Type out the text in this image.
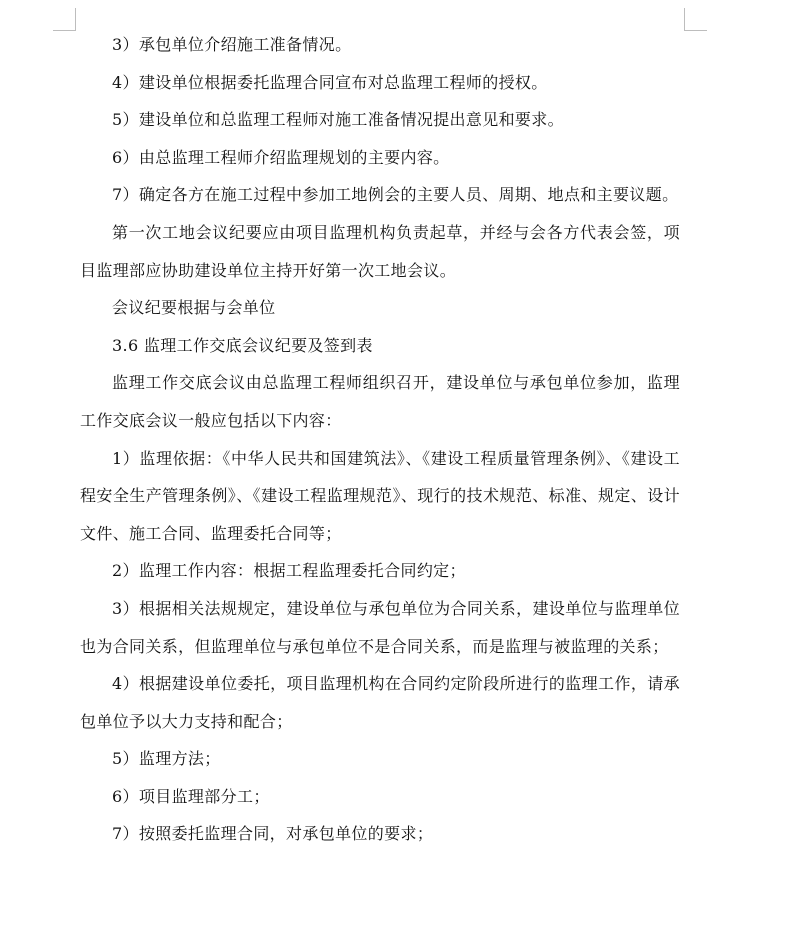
3）承包单位介绍施工准备情况。

4）建设单位根据委托监理合同宣布对总监理工程师的授权。

5）建设单位和总监理工程师对施工准备情况提出意见和要求。

6）由总监理工程师介绍监理规划的主要内容。

7）确定各方在施工过程中参加工地例会的主要人员、周期、地点和主要议题。

第一次工地会议纪要应由项目监理机构负责起草，并经与会各方代表会签，项目监理部应协助建设单位主持开好第一次工地会议。

会议纪要根据与会单位

3.6 监理工作交底会议纪要及签到表

监理工作交底会议由总监理工程师组织召开，建设单位与承包单位参加，监理工作交底会议一般应包括以下内容：

1）监理依据：《中华人民共和国建筑法》、《建设工程质量管理条例》、《建设工程安全生产管理条例》、《建设工程监理规范》、现行的技术规范、标准、规定、设计文件、施工合同、监理委托合同等；

2）监理工作内容：根据工程监理委托合同约定；

3）根据相关法规规定，建设单位与承包单位为合同关系，建设单位与监理单位也为合同关系，但监理单位与承包单位不是合同关系，而是监理与被监理的关系；

4）根据建设单位委托，项目监理机构在合同约定阶段所进行的监理工作，请承包单位予以大力支持和配合；

5）监理方法；

6）项目监理部分工；

7）按照委托监理合同，对承包单位的要求；
